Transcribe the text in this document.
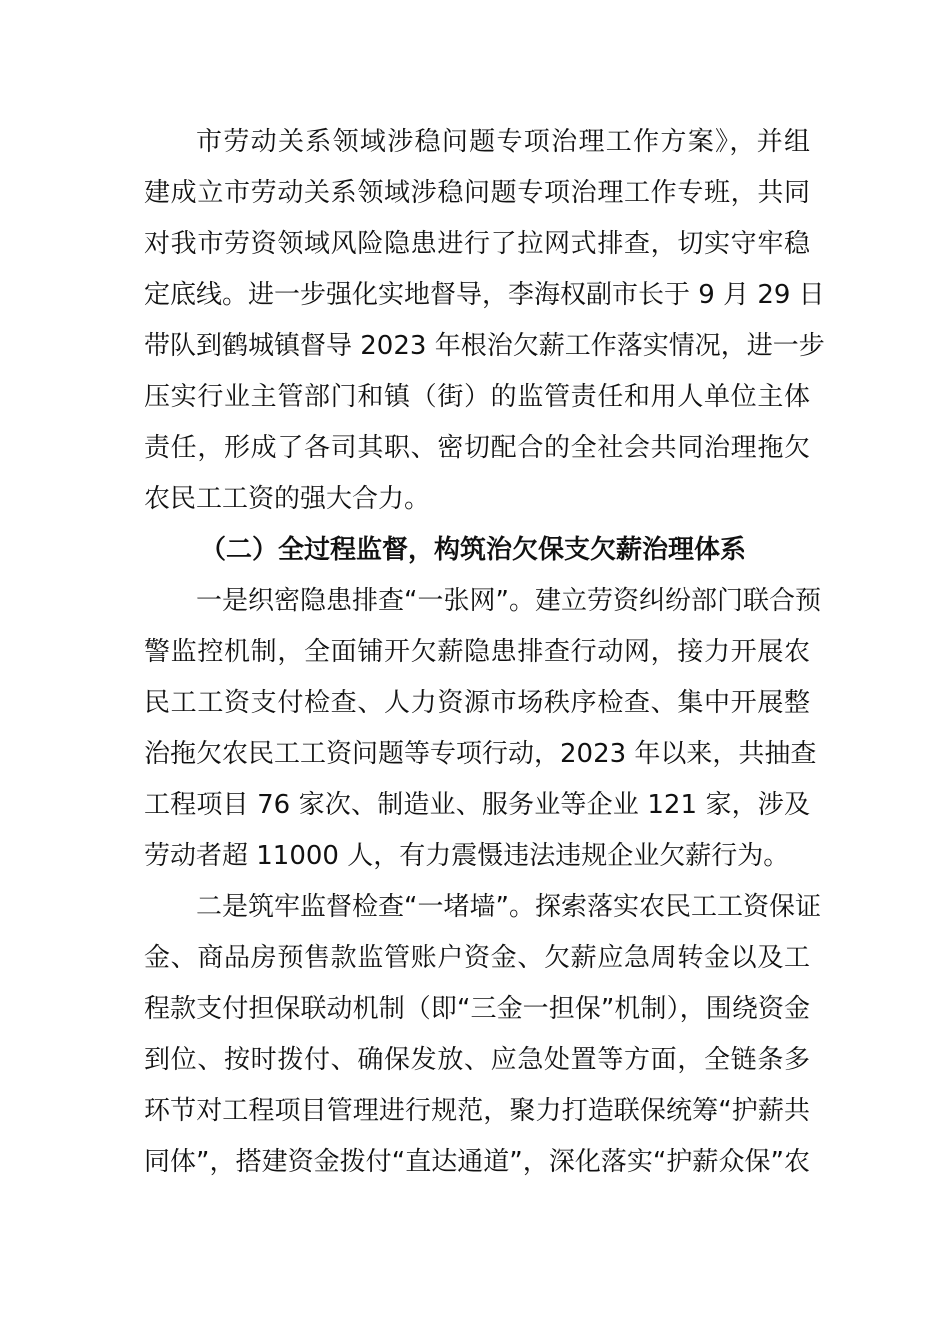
市劳动关系领域涉稳问题专项治理工作方案》，并组
建成立市劳动关系领域涉稳问题专项治理工作专班，共同
对我市劳资领域风险隐患进行了拉网式排查，切实守牢稳
定底线。进一步强化实地督导，李海权副市长于 9 月 29 日
带队到鹤城镇督导 2023 年根治欠薪工作落实情况，进一步
压实行业主管部门和镇（街）的监管责任和用人单位主体
责任，形成了各司其职、密切配合的全社会共同治理拖欠
农民工工资的强大合力。
（二）全过程监督，构筑治欠保支欠薪治理体系
一是织密隐患排查“一张网”。建立劳资纠纷部门联合预
警监控机制，全面铺开欠薪隐患排查行动网，接力开展农
民工工资支付检查、人力资源市场秩序检查、集中开展整
治拖欠农民工工资问题等专项行动，2023 年以来，共抽查
工程项目 76 家次、制造业、服务业等企业 121 家，涉及
劳动者超 11000 人，有力震慑违法违规企业欠薪行为。
二是筑牢监督检查“一堵墙”。探索落实农民工工资保证
金、商品房预售款监管账户资金、欠薪应急周转金以及工
程款支付担保联动机制（即“三金一担保”机制），围绕资金
到位、按时拨付、确保发放、应急处置等方面，全链条多
环节对工程项目管理进行规范，聚力打造联保统筹“护薪共
同体”，搭建资金拨付“直达通道”，深化落实“护薪众保”农
